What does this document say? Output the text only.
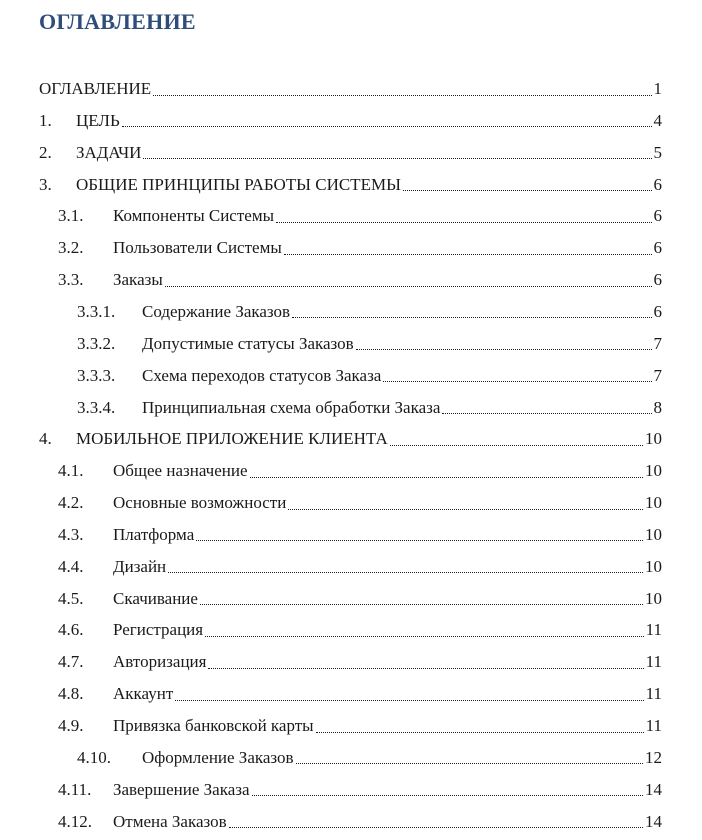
ОГЛАВЛЕНИЕ
ОГЛАВЛЕНИЕ	1
1.	ЦЕЛЬ	4
2.	ЗАДАЧИ	5
3.	ОБЩИЕ ПРИНЦИПЫ РАБОТЫ СИСТЕМЫ	6
3.1.	Компоненты Системы	6
3.2.	Пользователи Системы	6
3.3.	Заказы	6
3.3.1.	Содержание Заказов	6
3.3.2.	Допустимые статусы Заказов	7
3.3.3.	Схема переходов статусов Заказа	7
3.3.4.	Принципиальная схема обработки Заказа	8
4.	МОБИЛЬНОЕ ПРИЛОЖЕНИЕ КЛИЕНТА	10
4.1.	Общее назначение	10
4.2.	Основные возможности	10
4.3.	Платформа	10
4.4.	Дизайн	10
4.5.	Скачивание	10
4.6.	Регистрация	11
4.7.	Авторизация	11
4.8.	Аккаунт	11
4.9.	Привязка банковской карты	11
4.10.	Оформление Заказов	12
4.11.	Завершение Заказа	14
4.12.	Отмена Заказов	14
